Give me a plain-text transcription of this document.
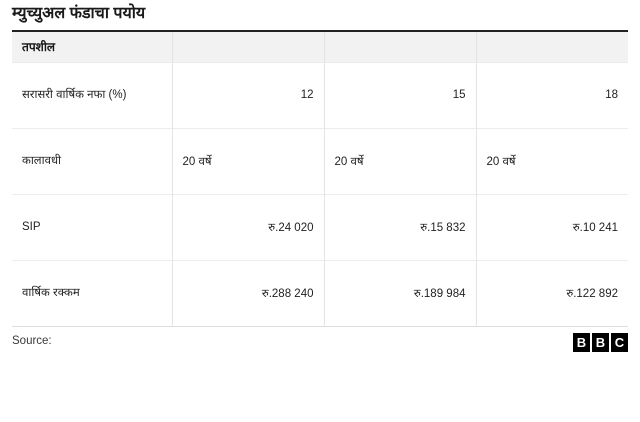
म्युच्युअल फंडाचा पयोय
तपशील			
सरासरी वार्षिक नफा (%)	12	15	18
कालावधी	20 वर्षे	20 वर्षे	20 वर्षे
SIP	रु.24 020	रु.15 832	रु.10 241
वार्षिक रक्कम	रु.288 240	रु.189 984	रु.122 892
Source:	B B C
